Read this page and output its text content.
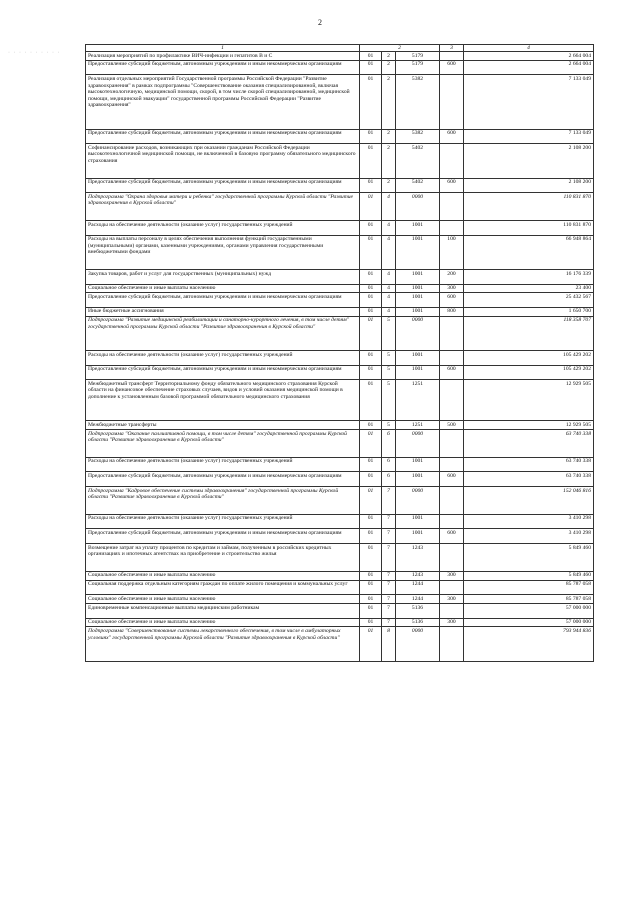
2
· · · · · · · · · ·
1	2			3	4
Реализация мероприятий по профилактике ВИЧ-инфекции и гепатитов В и С	01	2	5179		2 664 004
Предоставление субсидий бюджетным, автономным учреждениям и иным некоммерческим организациям	01	2	5179	600	2 664 004
Реализация отдельных мероприятий Государственной программы Российской Федерации "Развитие здравоохранения" в рамках подпрограммы "Совершенствование оказания специализированной, включая высокотехнологичную, медицинской помощи, скорой, в том числе скорой специализированной, медицинской помощи, медицинской эвакуации" государственной программы Российской Федерации "Развитие здравоохранения"	01	2	5382		7 133 049
Предоставление субсидий бюджетным, автономным учреждениям и иным некоммерческим организациям	01	2	5382	600	7 133 049
Софинансирование расходов, возникающих при оказании гражданам Российской Федерации высокотехнологичной медицинской помощи, не включенной в базовую программу обязательного медицинского страхования	01	2	5402		2 108 200
Предоставление субсидий бюджетным, автономным учреждениям и иным некоммерческим организациям	01	2	5402	600	2 108 200
Подпрограмма "Охрана здоровья матери и ребенка" государственной программы Курской области "Развитие здравоохранения в Курской области"	01	4	0000		110 831 870
Расходы на обеспечение деятельности (оказание услуг) государственных учреждений	01	4	1001		110 831 870
Расходы на выплаты персоналу в целях обеспечения выполнения функций государственными (муниципальными) органами, казенными учреждениями, органами управления государственными внебюджетными фондами	01	4	1001	100	66 948 864
Закупка товаров, работ и услуг для государственных (муниципальных) нужд	01	4	1001	200	16 176 339
Социальное обеспечение и иные выплаты населению	01	4	1001	300	23 400
Предоставление субсидий бюджетным, автономным учреждениям и иным некоммерческим организациям	01	4	1001	600	25 432 567
Иные бюджетные ассигнования	01	4	1001	800	1 650 700
Подпрограмма "Развитие медицинской реабилитации и санаторно-курортного лечения, в том числе детям" государственной программы Курской области "Развитие здравоохранения в Курской области"	01	5	0000		118 358 707
Расходы на обеспечение деятельности (оказание услуг) государственных учреждений	01	5	1001		105 429 202
Предоставление субсидий бюджетным, автономным учреждениям и иным некоммерческим организациям	01	5	1001	600	105 429 202
Межбюджетный трансферт Территориальному фонду обязательного медицинского страхования Курской области на финансовое обеспечение страховых случаев, видов и условий оказания медицинской помощи в дополнение к установленным базовой программой обязательного медицинского страхования	01	5	1251		12 929 505
Межбюджетные трансферты	01	5	1251	500	12 929 505
Подпрограмма "Оказание паллиативной помощи, в том числе детям" государственной программы Курской области "Развитие здравоохранения в Курской области"	01	6	0000		63 740 338
Расходы на обеспечение деятельности (оказание услуг) государственных учреждений	01	6	1001		63 740 338
Предоставление субсидий бюджетным, автономным учреждениям и иным некоммерческим организациям	01	6	1001	600	63 740 338
Подпрограмма "Кадровое обеспечение системы здравоохранения" государственной программы Курской области "Развитие здравоохранения в Курской области"	01	7	0000		152 046 816
Расходы на обеспечение деятельности (оказание услуг) государственных учреждений	01	7	1001		3 410 298
Предоставление субсидий бюджетным, автономным учреждениям и иным некоммерческим организациям	01	7	1001	600	3 410 298
Возмещение затрат на уплату процентов по кредитам и займам, полученным в российских кредитных организациях и ипотечных агентствах на приобретение и строительство жилья	01	7	1243		5 849 460
Социальное обеспечение и иные выплаты населению	01	7	1243	300	5 849 460
Социальная поддержка отдельным категориям граждан по оплате жилого помещения и коммунальных услуг	01	7	1244		85 787 058
Социальное обеспечение и иные выплаты населению	01	7	1244	300	85 787 058
Единовременные компенсационные выплаты медицинским работникам	01	7	5136		57 000 000
Социальное обеспечение и иные выплаты населению	01	7	5136	300	57 000 000
Подпрограмма "Совершенствование системы лекарственного обеспечения, в том числе в амбулаторных условиях" государственной программы Курской области "Развитие здравоохранения в Курской области"	01	8	0000		793 944 836
